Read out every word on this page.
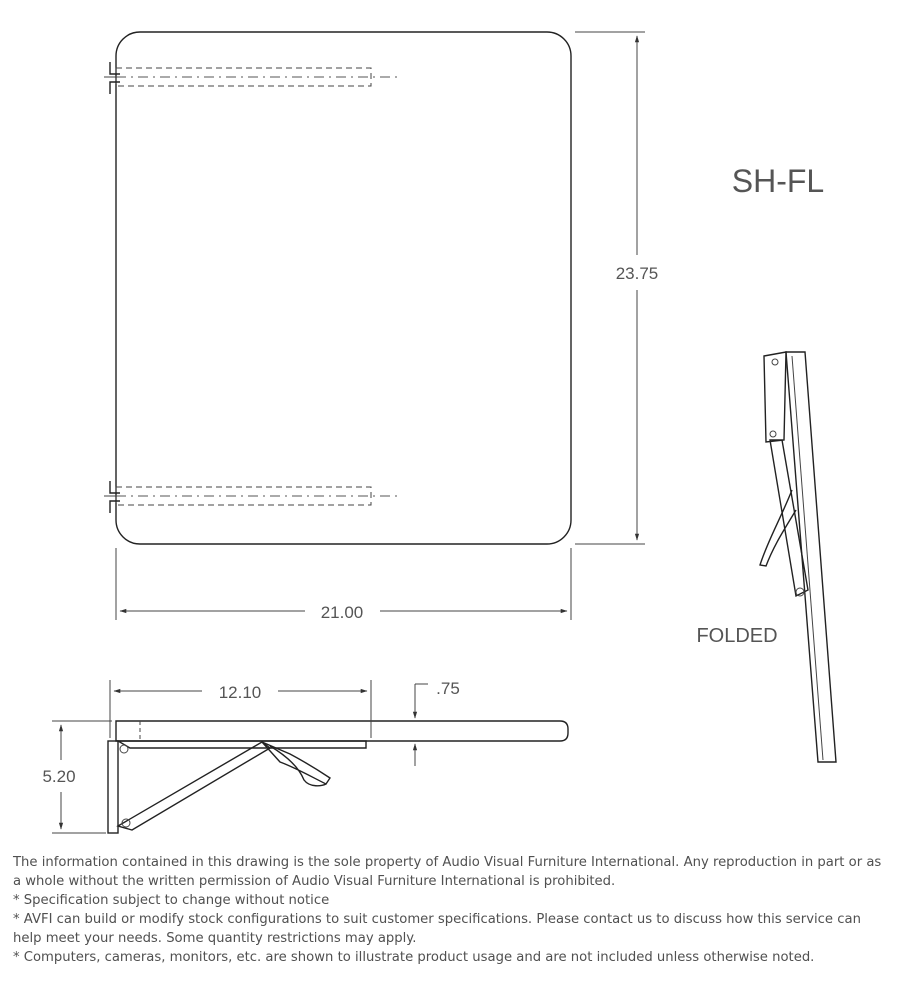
23.75
21.00
SH-FL
FOLDED
12.10	.75
5.20

The information contained in this drawing is the sole property of Audio Visual Furniture International. Any reproduction in part or as a whole without the written permission of Audio Visual Furniture International is prohibited.

* Specification subject to change without notice

* AVFI can build or modify stock configurations to suit customer specifications. Please contact us to discuss how this service can help meet your needs. Some quantity restrictions may apply.

* Computers, cameras, monitors, etc. are shown to illustrate product usage and are not included unless otherwise noted.
